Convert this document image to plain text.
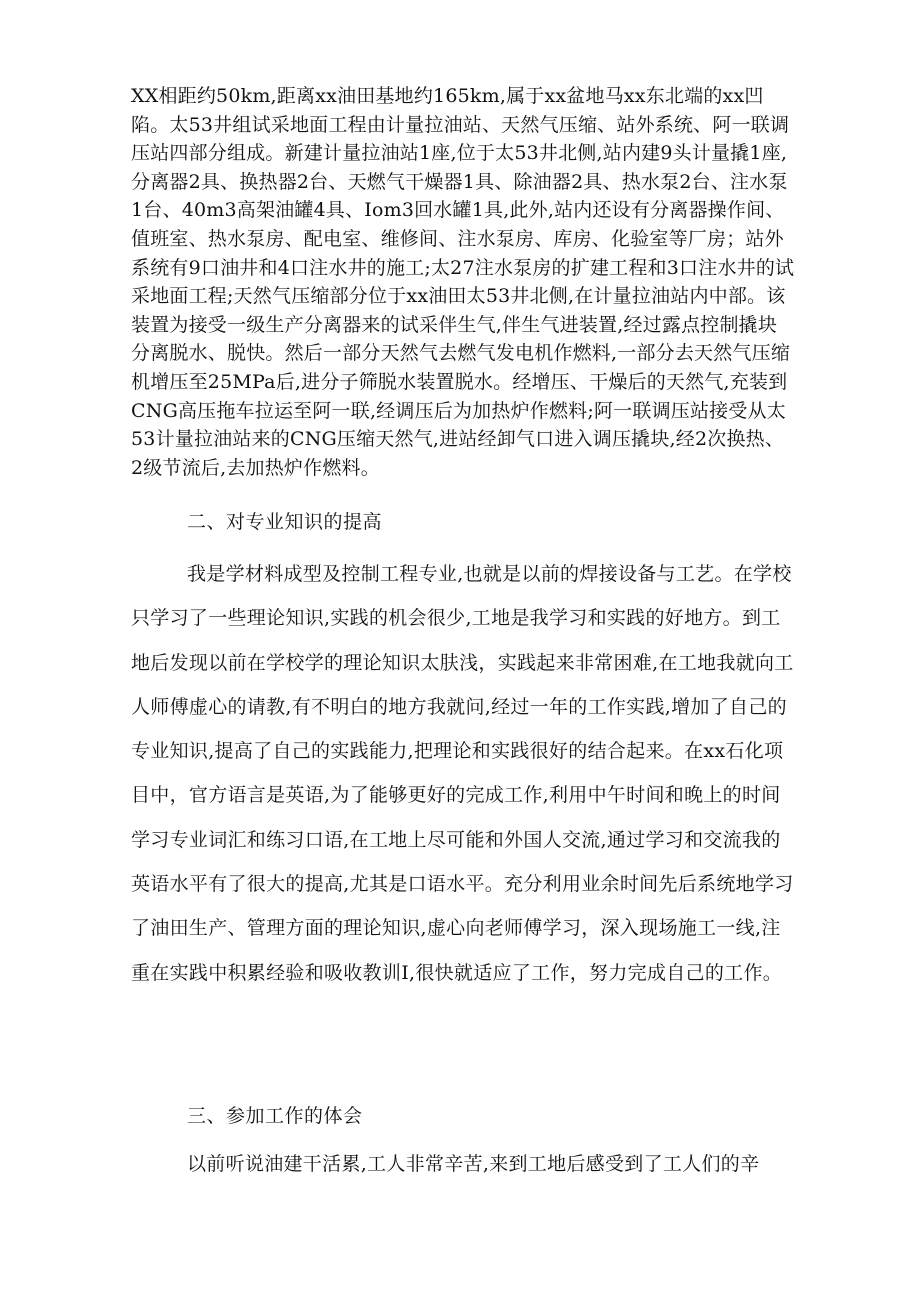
XX相距约50km,距离xx油田基地约165km,属于xx盆地马xx东北端的xx凹陷。太53井组试采地面工程由计量拉油站、天然气压缩、站外系统、阿一联调压站四部分组成。新建计量拉油站1座,位于太53井北侧,站内建9头计量撬1座,分离器2具、换热器2台、天燃气干燥器1具、除油器2具、热水泵2台、注水泵1台、40m3高架油罐4具、Iom3回水罐1具,此外,站内还设有分离器操作间、值班室、热水泵房、配电室、维修间、注水泵房、库房、化验室等厂房；站外系统有9口油井和4口注水井的施工;太27注水泵房的扩建工程和3口注水井的试采地面工程;天然气压缩部分位于xx油田太53井北侧,在计量拉油站内中部。该装置为接受一级生产分离器来的试采伴生气,伴生气进装置,经过露点控制撬块分离脱水、脱快。然后一部分天然气去燃气发电机作燃料,一部分去天然气压缩机增压至25MPa后,进分子筛脱水装置脱水。经增压、干燥后的天然气,充装到CNG高压拖车拉运至阿一联,经调压后为加热炉作燃料;阿一联调压站接受从太53计量拉油站来的CNG压缩天然气,进站经卸气口进入调压撬块,经2次换热、2级节流后,去加热炉作燃料。

二、对专业知识的提高

我是学材料成型及控制工程专业,也就是以前的焊接设备与工艺。在学校只学习了一些理论知识,实践的机会很少,工地是我学习和实践的好地方。到工地后发现以前在学校学的理论知识太肤浅，实践起来非常困难,在工地我就向工人师傅虚心的请教,有不明白的地方我就问,经过一年的工作实践,增加了自己的专业知识,提高了自己的实践能力,把理论和实践很好的结合起来。在xx石化项目中，官方语言是英语,为了能够更好的完成工作,利用中午时间和晚上的时间学习专业词汇和练习口语,在工地上尽可能和外国人交流,通过学习和交流我的英语水平有了很大的提高,尤其是口语水平。充分利用业余时间先后系统地学习了油田生产、管理方面的理论知识,虚心向老师傅学习，深入现场施工一线,注重在实践中积累经验和吸收教训I,很快就适应了工作，努力完成自己的工作。

三、参加工作的体会

以前听说油建干活累,工人非常辛苦,来到工地后感受到了工人们的辛
